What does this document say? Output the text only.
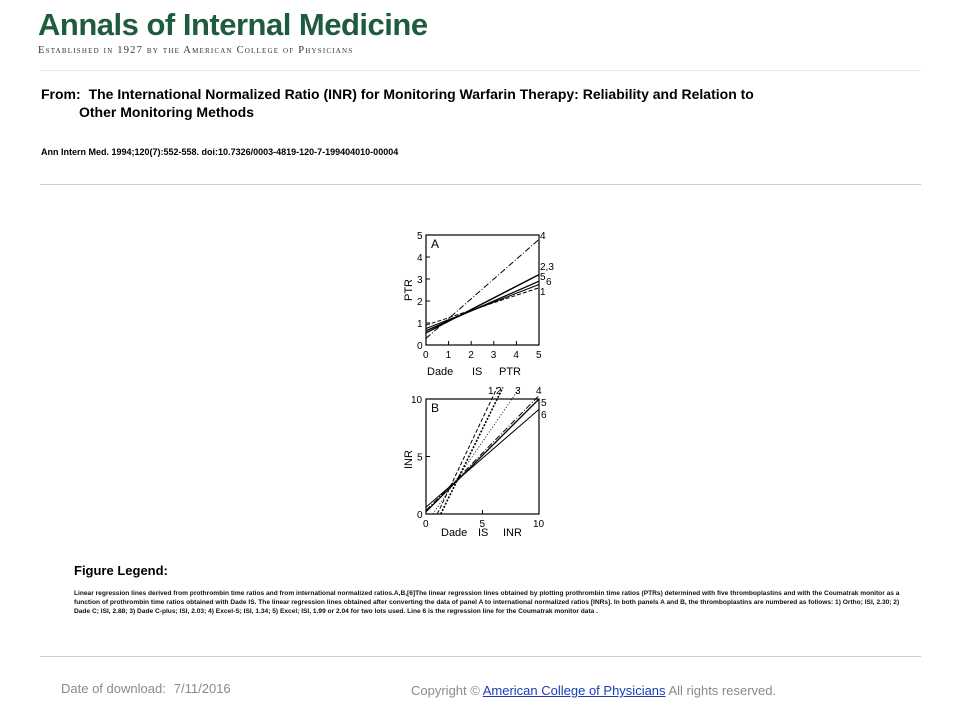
Annals of Internal Medicine
Established in 1927 by the American College of Physicians
From: The International Normalized Ratio (INR) for Monitoring Warfarin Therapy: Reliability and Relation to
Other Monitoring Methods
Ann Intern Med. 1994;120(7):552-558. doi:10.7326/0003-4819-120-7-199404010-00004
A
PTR
0
1
2
3
4
5
0 1 2 3 4 5
Dade IS PTR
4
2,3
5 6
1
B
INR
0
5
10
0	5	10
Dade IS INR
1 2 3 4
5
6
Figure Legend:
Linear regression lines derived from prothrombin time ratios and from international normalized ratios.A,B,[6]The linear regression lines obtained by plotting prothrombin time ratios (PTRs) determined with five thromboplastins and with the Coumatrak monitor as a function of prothrombin time ratios obtained with Dade IS. The linear regression lines obtained after converting the data of panel A to international normalized ratios [INRs]. In both panels A and B, the thromboplastins are numbered as follows: 1) Ortho; ISI, 2.30; 2) Dade C; ISI, 2.88; 3) Dade C-plus; ISI, 2.03; 4) Excel-S; ISI, 1.34; 5) Excel; ISI, 1.99 or 2.04 for two lots used. Line 6 is the regression line for the Coumatrak monitor data .
Date of download: 7/11/2016	Copyright © American College of Physicians All rights reserved.
